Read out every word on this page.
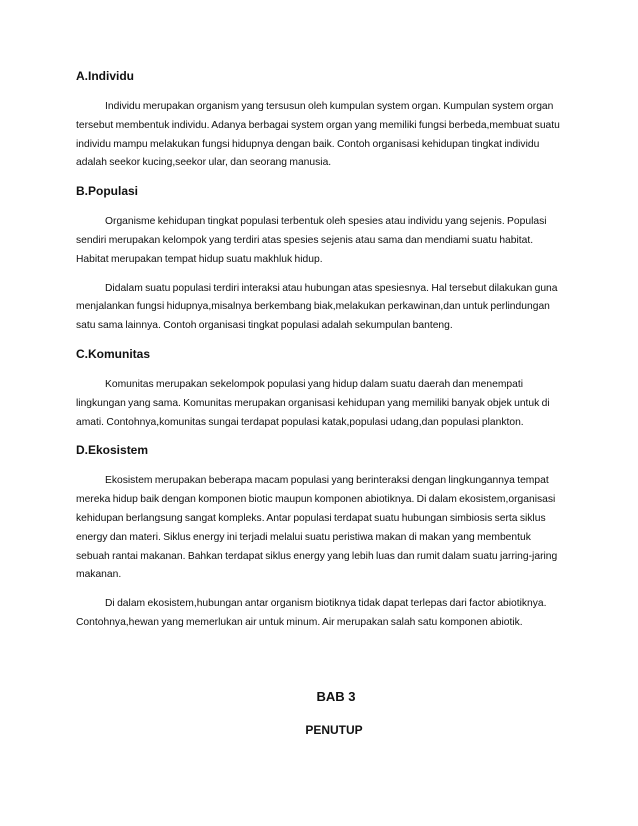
A.Individu

Individu merupakan organism yang tersusun oleh kumpulan system organ. Kumpulan system organ tersebut membentuk individu. Adanya berbagai system organ yang memiliki fungsi berbeda,membuat suatu individu mampu melakukan fungsi hidupnya dengan baik. Contoh organisasi kehidupan tingkat individu adalah seekor kucing,seekor ular, dan seorang manusia.

B.Populasi

Organisme kehidupan tingkat populasi terbentuk oleh spesies atau individu yang sejenis. Populasi sendiri merupakan kelompok yang terdiri atas spesies sejenis atau sama dan mendiami suatu habitat. Habitat merupakan tempat hidup suatu makhluk hidup.

Didalam suatu populasi terdiri interaksi atau hubungan atas spesiesnya. Hal tersebut dilakukan guna menjalankan fungsi hidupnya,misalnya berkembang biak,melakukan perkawinan,dan untuk perlindungan satu sama lainnya. Contoh organisasi tingkat populasi adalah sekumpulan banteng.

C.Komunitas

Komunitas merupakan sekelompok populasi yang hidup dalam suatu daerah dan menempati lingkungan yang sama. Komunitas merupakan organisasi kehidupan yang memiliki banyak objek untuk di amati. Contohnya,komunitas sungai terdapat populasi katak,populasi udang,dan populasi plankton.

D.Ekosistem

Ekosistem merupakan beberapa macam populasi yang berinteraksi dengan lingkungannya tempat mereka hidup baik dengan komponen biotic maupun komponen abiotiknya. Di dalam ekosistem,organisasi kehidupan berlangsung sangat kompleks. Antar populasi terdapat suatu hubungan simbiosis serta siklus energy dan materi. Siklus energy ini terjadi melalui suatu peristiwa makan di makan yang membentuk sebuah rantai makanan. Bahkan terdapat siklus energy yang lebih luas dan rumit dalam suatu jarring-jaring makanan.

Di dalam ekosistem,hubungan antar organism biotiknya tidak dapat terlepas dari factor abiotiknya. Contohnya,hewan yang memerlukan air untuk minum. Air merupakan salah satu komponen abiotik.

BAB 3
PENUTUP
